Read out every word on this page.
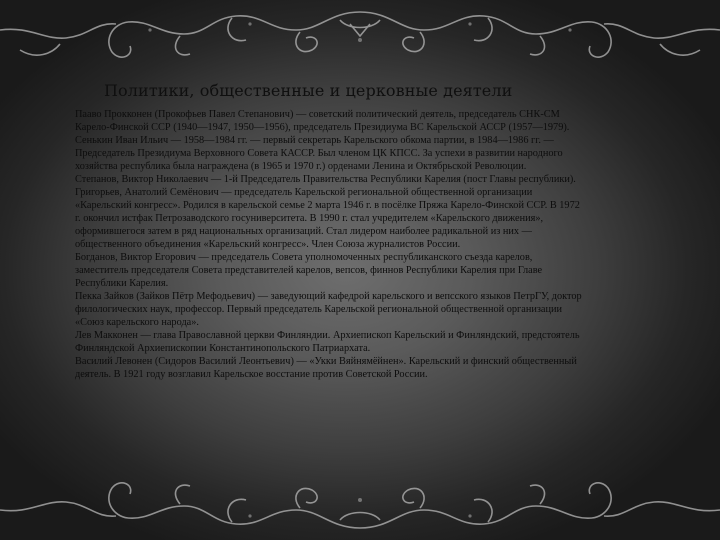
Политики, общественные и церковные деятели

Пааво Прокконен (Прокофьев Павел Степанович) — советский политический деятель, председатель СНК-СМ Карело-Финской ССР (1940—1947, 1950—1956), председатель Президиума ВС Карельской АССР (1957—1979).

Сенькин Иван Ильич — 1958—1984 гг. — первый секретарь Карельского обкома партии, в 1984—1986 гг. — Председатель Президиума Верховного Совета КАССР. Был членом ЦК КПСС. За успехи в развитии народного хозяйства республика была награждена (в 1965 и 1970 г.) орденами Ленина и Октябрьской Революции.

Степанов, Виктор Николаевич — 1-й Председатель Правительства Республики Карелия (пост Главы республики).

Григорьев, Анатолий Семёнович — председатель Карельской региональной общественной организации «Карельский конгресс». Родился в карельской семье 2 марта 1946 г. в посёлке Пряжа Карело-Финской ССР. В 1972 г. окончил истфак Петрозаводского госуниверситета. В 1990 г. стал учредителем «Карельского движения», оформившегося затем в ряд национальных организаций. Стал лидером наиболее радикальной из них — общественного объединения «Карельский конгресс». Член Союза журналистов России.

Богданов, Виктор Егорович — председатель Совета уполномоченных республиканского съезда карелов, заместитель председателя Совета представителей карелов, вепсов, финнов Республики Карелия при Главе Республики Карелия.

Пекка Зайков (Зайков Пётр Мефодьевич) — заведующий кафедрой карельского и вепсского языков ПетрГУ, доктор филологических наук, профессор. Первый председатель Карельской региональной общественной организации «Союз карельского народа».

Лев Макконен — глава Православной церкви Финляндии. Архиепископ Карельский и Финляндский, предстоятель Финляндской Архиепископии Константинопольского Патриархата.

Василий Левонен (Сидоров Василий Леонтьевич) — «Укки Вяйнямёйнен». Карельский и финский общественный деятель. В 1921 году возглавил Карельское восстание против Советской России.
